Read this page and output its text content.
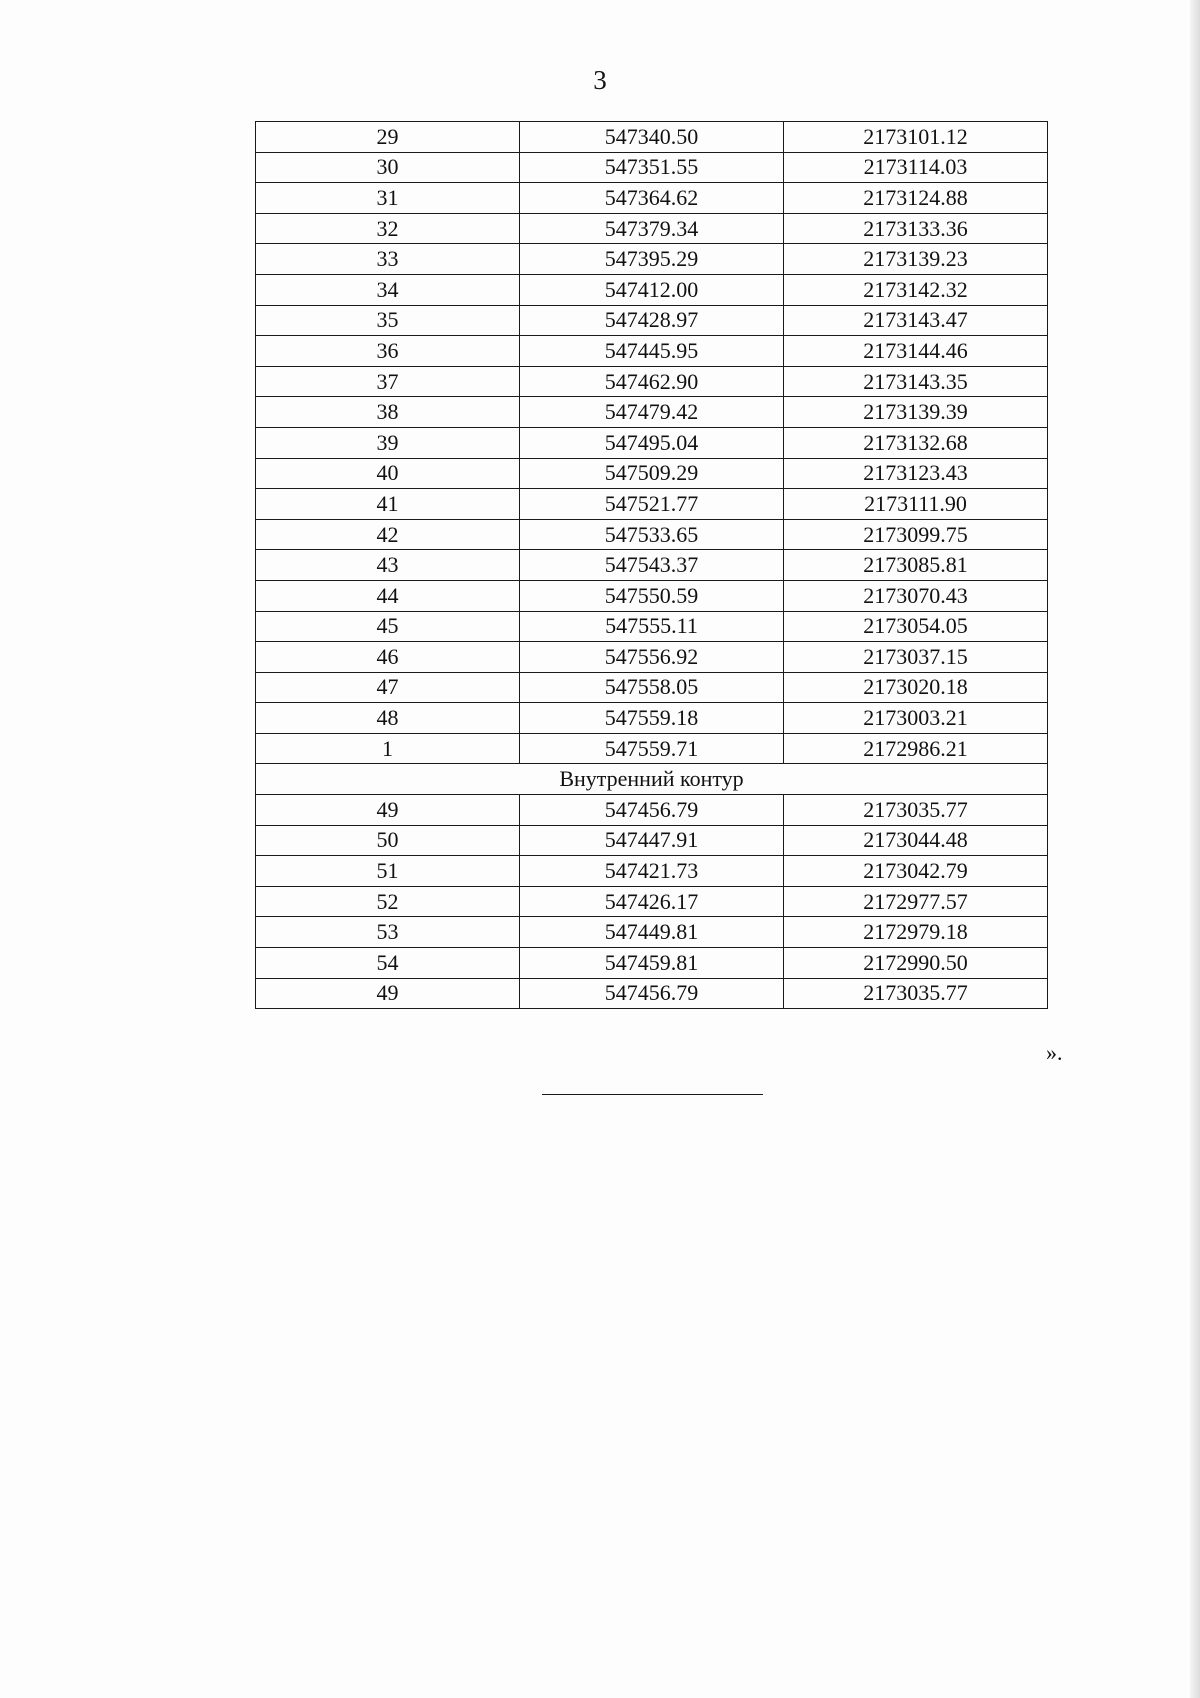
3
29	547340.50	2173101.12
30	547351.55	2173114.03
31	547364.62	2173124.88
32	547379.34	2173133.36
33	547395.29	2173139.23
34	547412.00	2173142.32
35	547428.97	2173143.47
36	547445.95	2173144.46
37	547462.90	2173143.35
38	547479.42	2173139.39
39	547495.04	2173132.68
40	547509.29	2173123.43
41	547521.77	2173111.90
42	547533.65	2173099.75
43	547543.37	2173085.81
44	547550.59	2173070.43
45	547555.11	2173054.05
46	547556.92	2173037.15
47	547558.05	2173020.18
48	547559.18	2173003.21
1	547559.71	2172986.21
Внутренний контур		
49	547456.79	2173035.77
50	547447.91	2173044.48
51	547421.73	2173042.79
52	547426.17	2172977.57
53	547449.81	2172979.18
54	547459.81	2172990.50
49	547456.79	2173035.77
».
